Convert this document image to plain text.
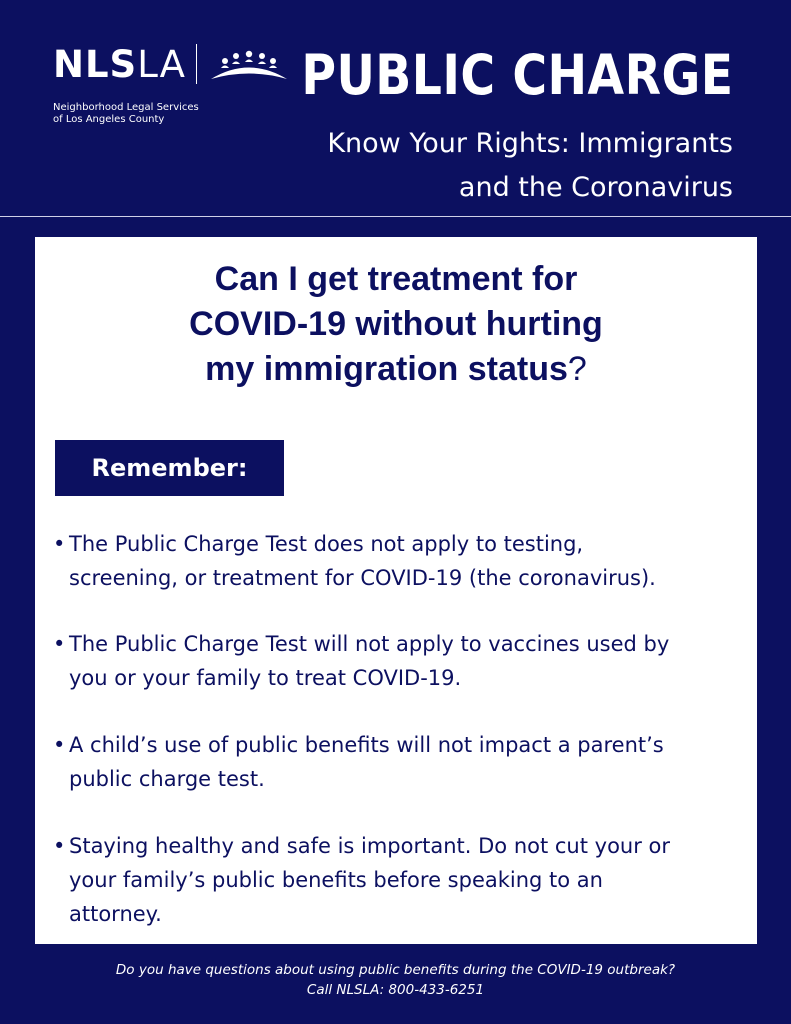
NLSLA
Neighborhood Legal Services
of Los Angeles County
PUBLIC CHARGE
Know Your Rights: Immigrants
and the Coronavirus
Can I get treatment for
COVID-19 without hurting
my immigration status?
Remember:
• The Public Charge Test does not apply to testing,
screening, or treatment for COVID-19 (the coronavirus).
• The Public Charge Test will not apply to vaccines used by
you or your family to treat COVID-19.
• A child’s use of public benefits will not impact a parent’s
public charge test.
• Staying healthy and safe is important. Do not cut your or
your family’s public benefits before speaking to an
attorney.
Do you have questions about using public benefits during the COVID-19 outbreak?
Call NLSLA: 800-433-6251
